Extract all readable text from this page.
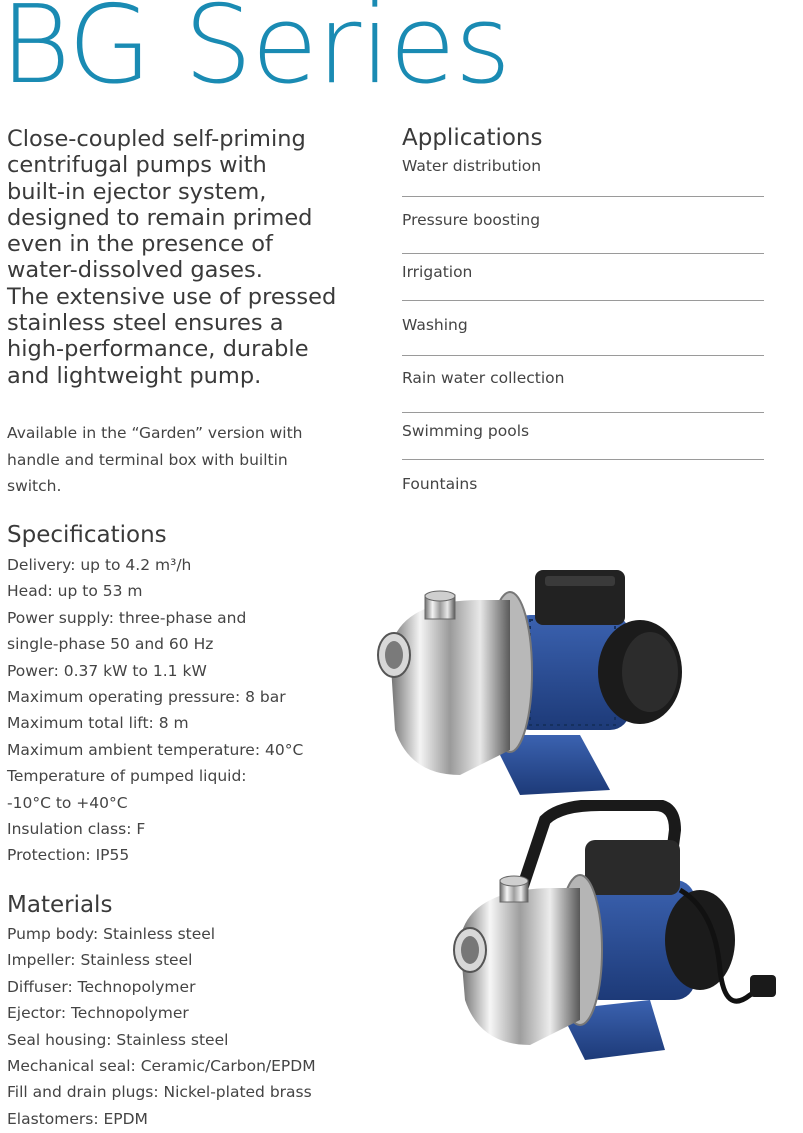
BG Series

Close-coupled self-priming
centrifugal pumps with
built-in ejector system,
designed to remain primed
even in the presence of
water-dissolved gases.
The extensive use of pressed
stainless steel ensures a
high-performance, durable
and lightweight pump.

Available in the “Garden” version with
handle and terminal box with builtin
switch.

Specifications
Delivery: up to 4.2 m³/h
Head: up to 53 m
Power supply: three-phase and
single-phase 50 and 60 Hz
Power: 0.37 kW to 1.1 kW
Maximum operating pressure: 8 bar
Maximum total lift: 8 m
Maximum ambient temperature: 40°C
Temperature of pumped liquid:
-10°C to +40°C
Insulation class: F
Protection: IP55
Materials
Pump body: Stainless steel
Impeller: Stainless steel
Diffuser: Technopolymer
Ejector: Technopolymer
Seal housing: Stainless steel
Mechanical seal: Ceramic/Carbon/EPDM
Fill and drain plugs: Nickel-plated brass
Elastomers: EPDM
Applications
Water distribution
Pressure boosting
Irrigation
Washing
Rain water collection
Swimming pools
Fountains
